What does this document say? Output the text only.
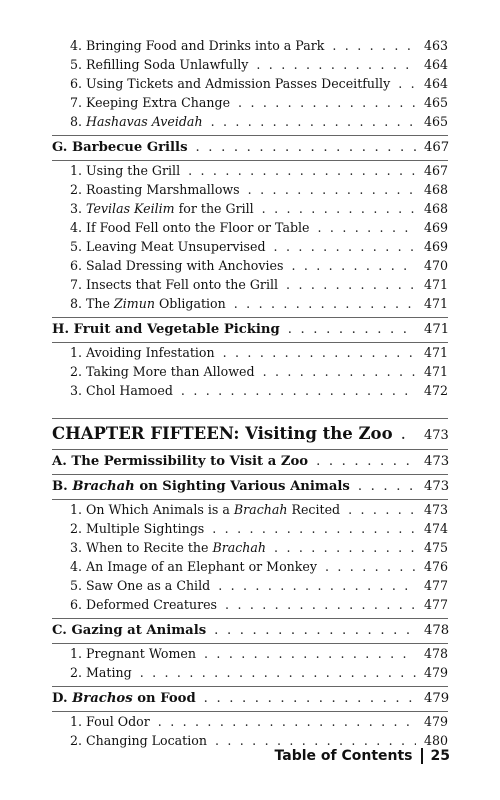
4. Bringing Food and Drinks into a Park . . .	463
5. Refilling Soda Unlawfully . . .	464
6. Using Tickets and Admission Passes Deceitfully . . .	464
7. Keeping Extra Change . . .	465
8. Hashavas Aveidah . . .	465
G. Barbecue Grills . . .	467
1. Using the Grill . . .	467
2. Roasting Marshmallows . . .	468
3. Tevilas Keilim for the Grill . . .	468
4. If Food Fell onto the Floor or Table . . .	469
5. Leaving Meat Unsupervised . . .	469
6. Salad Dressing with Anchovies . . .	470
7. Insects that Fell onto the Grill . . .	471
8. The Zimun Obligation . . .	471
H. Fruit and Vegetable Picking . . .	471
1. Avoiding Infestation . . .	471
2. Taking More than Allowed . . .	471
3. Chol Hamoed . . .	472
CHAPTER FIFTEEN: Visiting the Zoo . . . 473
A. The Permissibility to Visit a Zoo . . .	473
B. Brachah on Sighting Various Animals . . .	473
1. On Which Animals is a Brachah Recited . . .	473
2. Multiple Sightings . . .	474
3. When to Recite the Brachah . . .	475
4. An Image of an Elephant or Monkey . . .	476
5. Saw One as a Child . . .	477
6. Deformed Creatures . . .	477
C. Gazing at Animals . . .	478
1. Pregnant Women . . .	478
2. Mating . . .	479
D. Brachos on Food . . .	479
1. Foul Odor . . .	479
2. Changing Location . . .	480
Table of Contents 25
